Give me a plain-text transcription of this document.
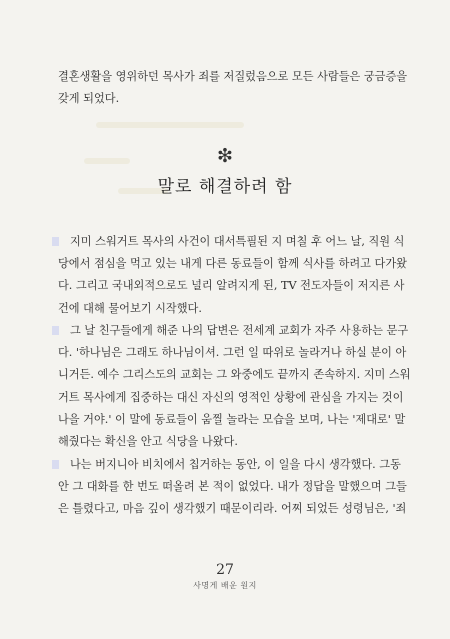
결혼생활을 영위하던 목사가 죄를 저질렀음으로 모든 사람들은 궁금증을

갖게 되었다.

❇
말로 해결하려 함

지미 스워거트 목사의 사건이 대서특필된 지 며칠 후 어느 날, 직원 식

당에서 점심을 먹고 있는 내게 다른 동료들이 함께 식사를 하려고 다가왔

다. 그리고 국내외적으로도 널리 알려지게 된, TV 전도자들이 저지른 사

건에 대해 물어보기 시작했다.

그 날 친구들에게 해준 나의 답변은 전세계 교회가 자주 사용하는 문구

다. '하나님은 그래도 하나님이셔. 그런 일 따위로 놀라거나 하실 분이 아

니거든. 예수 그리스도의 교회는 그 와중에도 끝까지 존속하지. 지미 스워

거트 목사에게 집중하는 대신 자신의 영적인 상황에 관심을 가지는 것이

나을 거야.' 이 말에 동료들이 움찔 놀라는 모습을 보며, 나는 '제대로' 말

해줬다는 확신을 안고 식당을 나왔다.

나는 버지니아 비치에서 칩거하는 동안, 이 일을 다시 생각했다. 그동

안 그 대화를 한 번도 떠올려 본 적이 없었다. 내가 정답을 말했으며 그들

은 틀렸다고, 마음 깊이 생각했기 때문이리라. 어찌 되었든 성령님은, '죄

27
사명게 배운 원지
